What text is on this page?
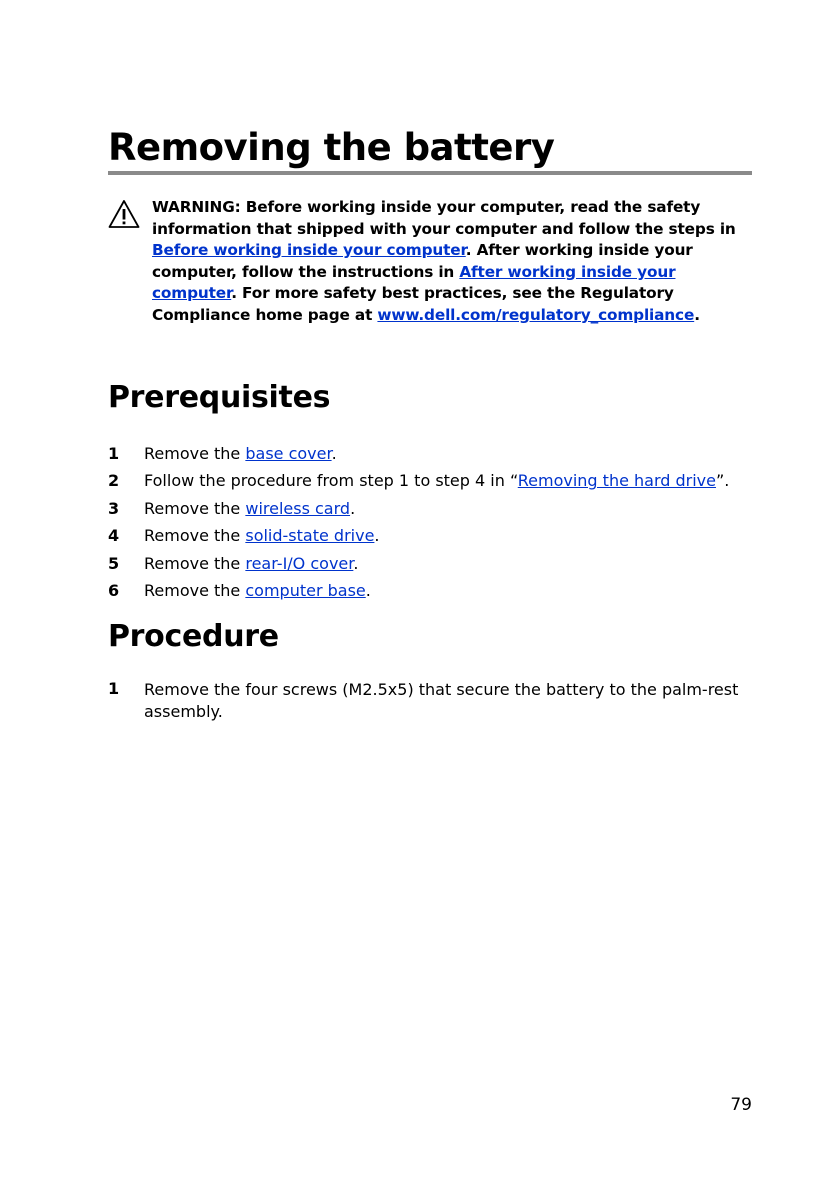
Removing the battery

WARNING: Before working inside your computer, read the safety information that shipped with your computer and follow the steps in Before working inside your computer. After working inside your computer, follow the instructions in After working inside your computer. For more safety best practices, see the Regulatory Compliance home page at www.dell.com/regulatory_compliance.

Prerequisites
1 Remove the base cover.
2 Follow the procedure from step 1 to step 4 in “Removing the hard drive”.
3 Remove the wireless card.
4 Remove the solid-state drive.
5 Remove the rear-I/O cover.
6 Remove the computer base.
Procedure
1 Remove the four screws (M2.5x5) that secure the battery to the palm-rest assembly.
79
